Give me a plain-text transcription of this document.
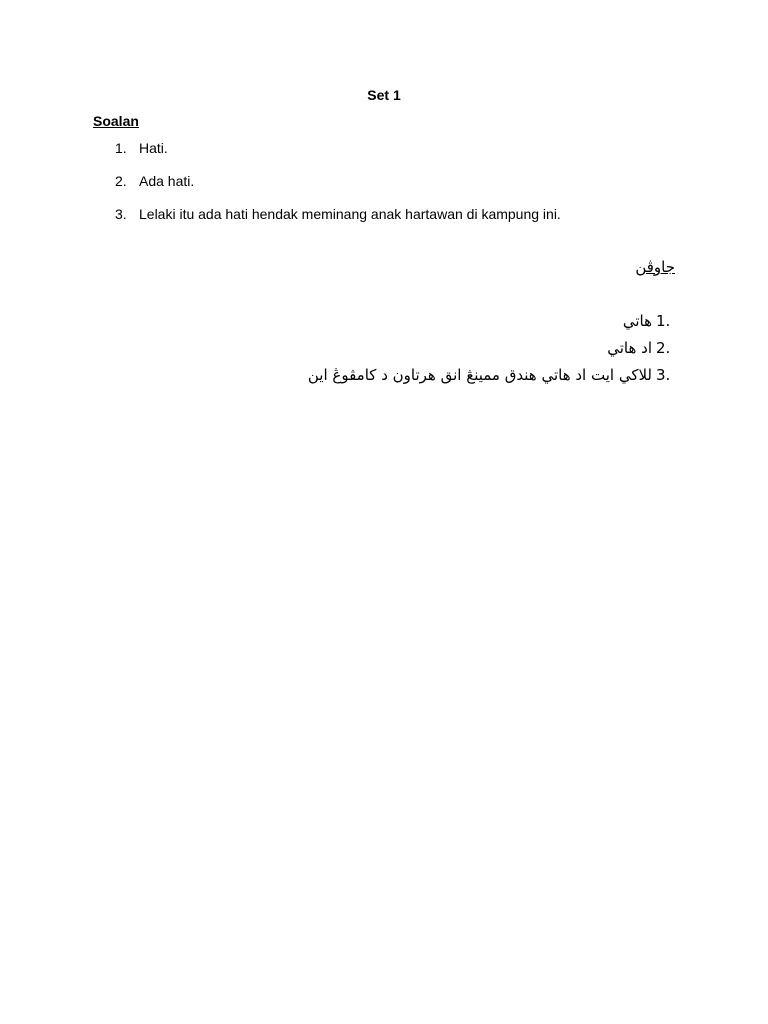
Set 1
Soalan
1. Hati.
2. Ada hati.
3. Lelaki itu ada hati hendak meminang anak hartawan di kampung ini.
جاوڤن
1.
هاتي
2.
اد هاتي
3.
للاكي ايت اد هاتي هندق ممينڠ انق هرتاون د كامڤوڠ اين
